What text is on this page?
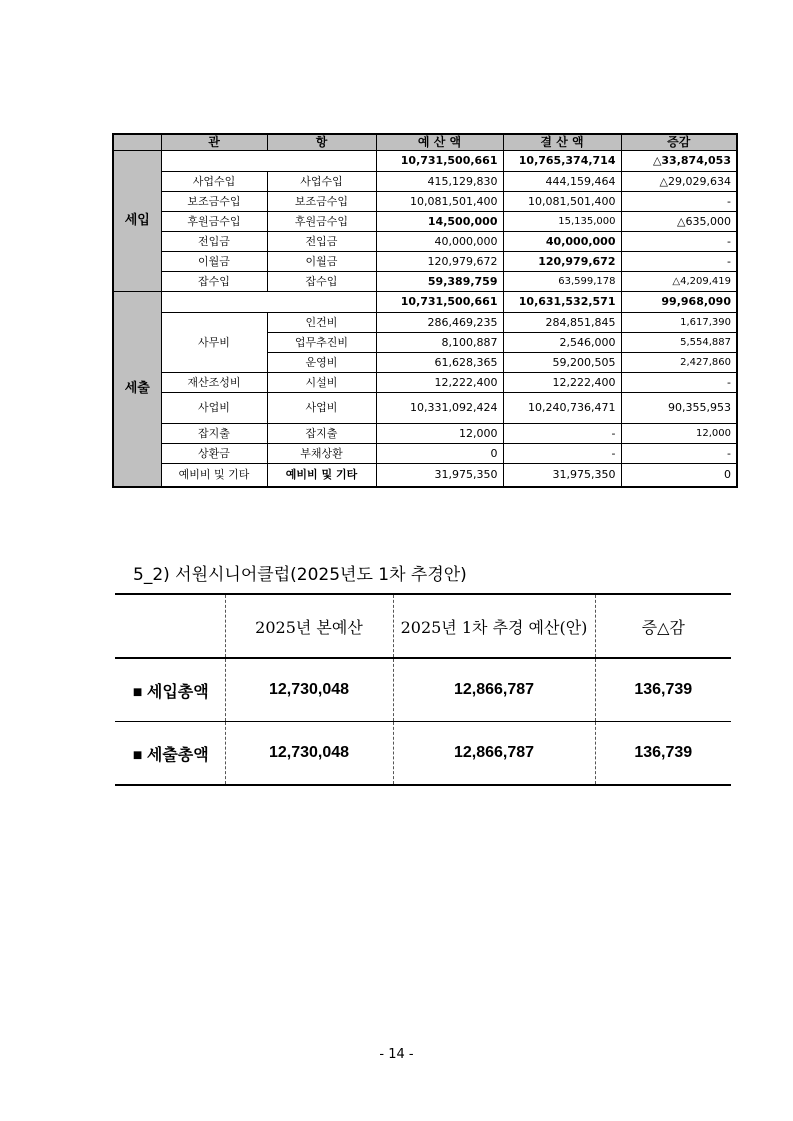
	관	항	예 산 액	결 산 액	증감
세입			10,731,500,661	10,765,374,714	△33,874,053
	사업수입	사업수입	415,129,830	444,159,464	△29,029,634
	보조금수입	보조금수입	10,081,501,400	10,081,501,400	-
	후원금수입	후원금수입	14,500,000	15,135,000	△635,000
	전입금	전입금	40,000,000	40,000,000	-
	이월금	이월금	120,979,672	120,979,672	-
	잡수입	잡수입	59,389,759	63,599,178	△4,209,419
세출			10,731,500,661	10,631,532,571	99,968,090
	사무비	인건비	286,469,235	284,851,845	1,617,390
		업무추진비	8,100,887	2,546,000	5,554,887
		운영비	61,628,365	59,200,505	2,427,860
	재산조성비	시설비	12,222,400	12,222,400	-
	사업비	사업비	10,331,092,424	10,240,736,471	90,355,953
	잡지출	잡지출	12,000	-	12,000
	상환금	부채상환	0	-	-
	예비비 및 기타	예비비 및 기타	31,975,350	31,975,350	0
5_2) 서원시니어클럽(2025년도 1차 추경안)
	2025년 본예산	2025년 1차 추경 예산(안)	증△감
■ 세입총액	12,730,048	12,866,787	136,739
■ 세출총액	12,730,048	12,866,787	136,739
- 14 -
